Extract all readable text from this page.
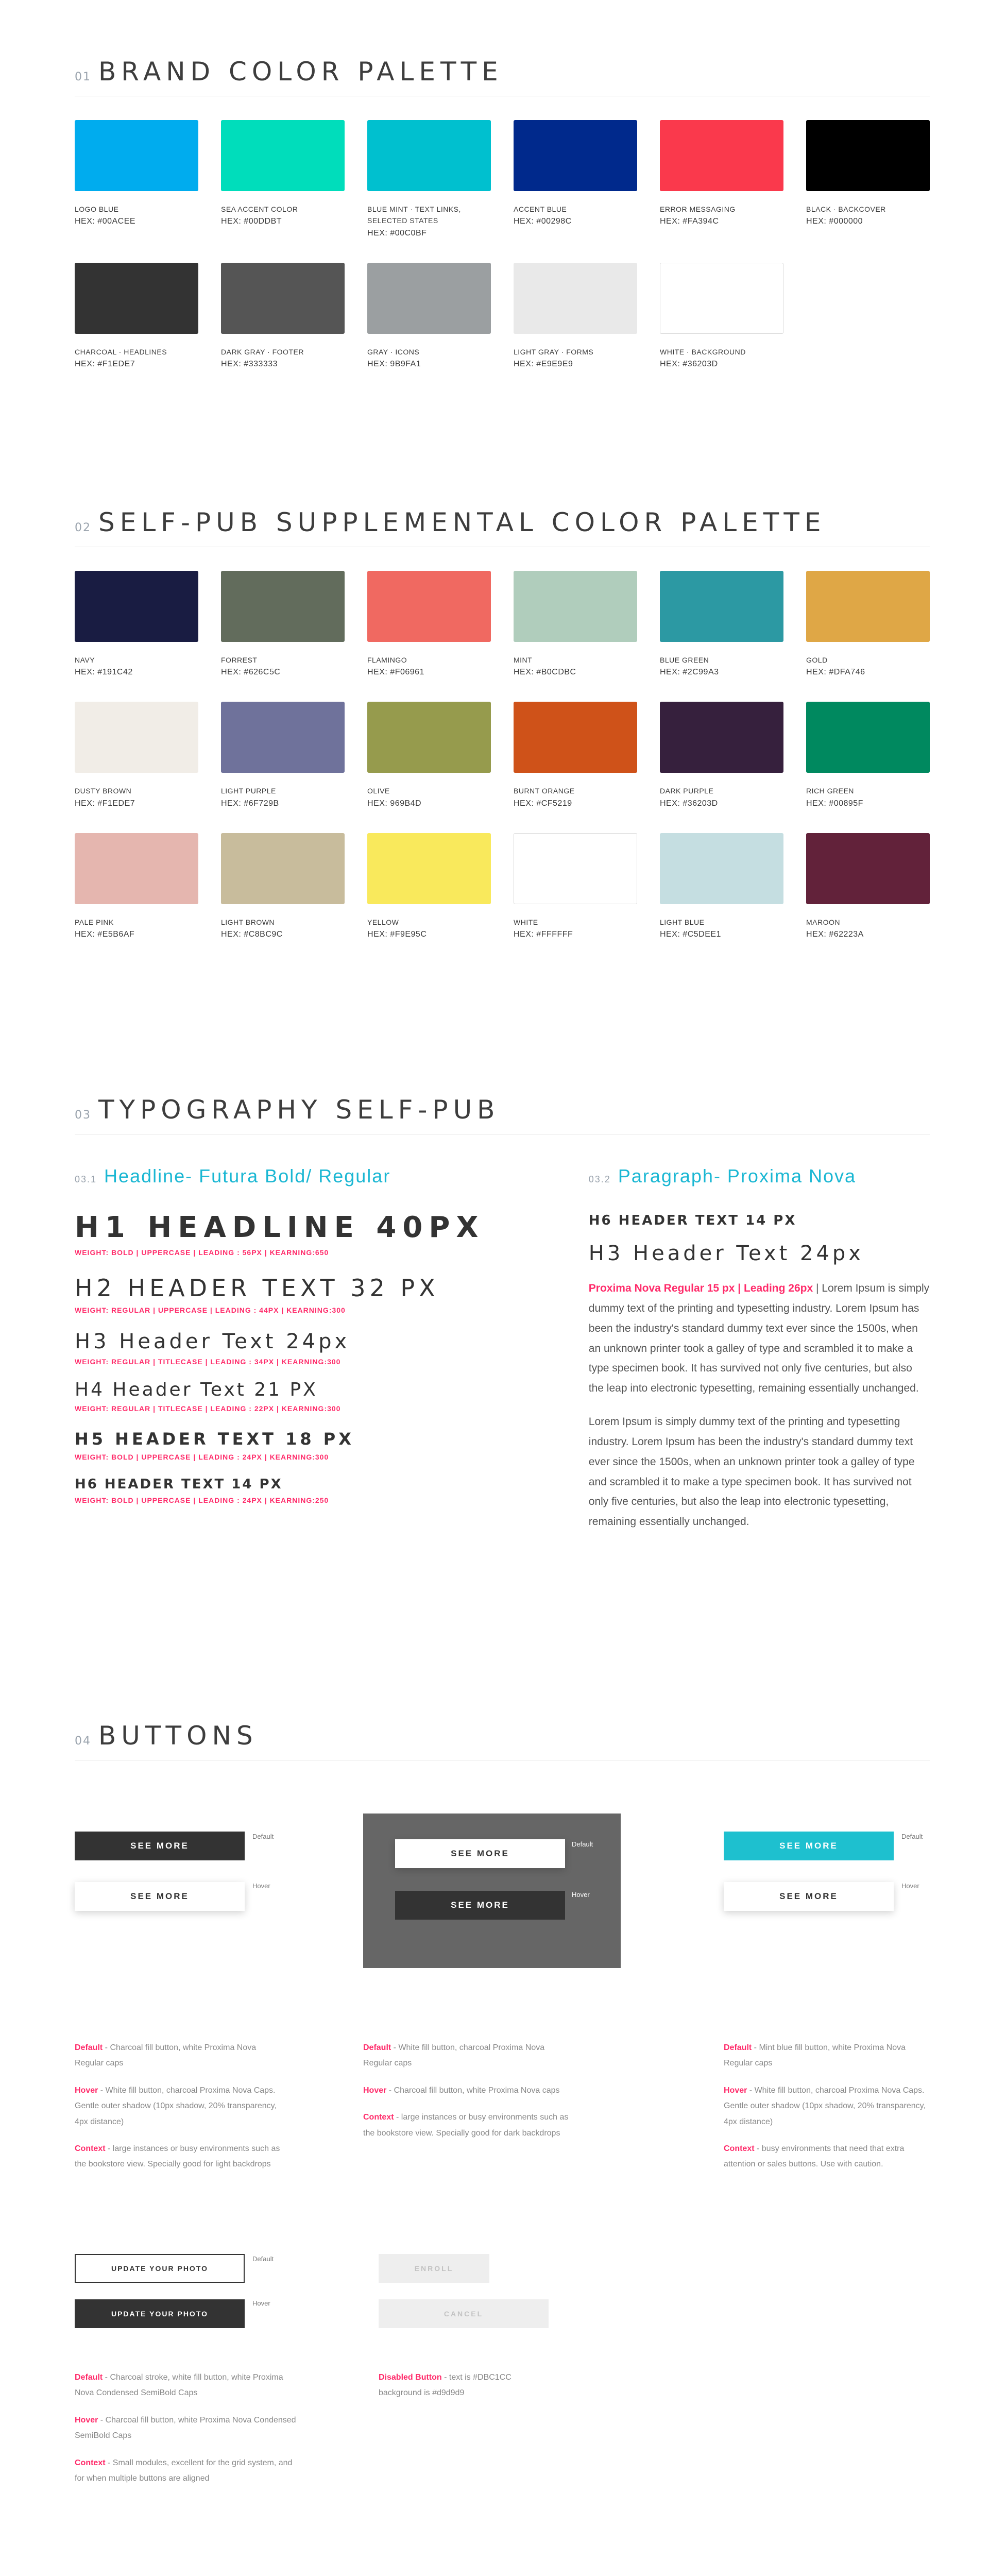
01 BRAND COLOR PALETTE
LOGO BLUE
HEX: #00ACEE
SEA ACCENT COLOR
HEX: #00DDBT
BLUE MINT · TEXT LINKS, SELECTED STATES
HEX: #00C0BF
ACCENT BLUE
HEX: #00298C
ERROR MESSAGING
HEX: #FA394C
BLACK · BACKCOVER
HEX: #000000
CHARCOAL · HEADLINES
HEX: #F1EDE7
DARK GRAY · FOOTER
HEX: #333333
GRAY · ICONS
HEX: 9B9FA1
LIGHT GRAY · FORMS
HEX: #E9E9E9
WHITE · BACKGROUND
HEX: #36203D
02 SELF-PUB SUPPLEMENTAL COLOR PALETTE
NAVY
HEX: #191C42
FORREST
HEX: #626C5C
FLAMINGO
HEX: #F06961
MINT
HEX: #B0CDBC
BLUE GREEN
HEX: #2C99A3
GOLD
HEX: #DFA746
DUSTY BROWN
HEX: #F1EDE7
LIGHT PURPLE
HEX: #6F729B
OLIVE
HEX: 969B4D
BURNT ORANGE
HEX: #CF5219
DARK PURPLE
HEX: #36203D
RICH GREEN
HEX: #00895F
PALE PINK
HEX: #E5B6AF
LIGHT BROWN
HEX: #C8BC9C
YELLOW
HEX: #F9E95C
WHITE
HEX: #FFFFFF
LIGHT BLUE
HEX: #C5DEE1
MAROON
HEX: #62223A
03 TYPOGRAPHY SELF-PUB
03.1 Headline- Futura Bold/ Regular
H1 HEADLINE 40PX
WEIGHT: BOLD | UPPERCASE | LEADING : 56PX | KEARNING:650
H2 HEADER TEXT 32 PX
WEIGHT: REGULAR | UPPERCASE | LEADING : 44PX | KEARNING:300
H3 Header Text 24px
WEIGHT: REGULAR | TITLECASE | LEADING : 34PX | KEARNING:300
H4 Header Text 21 PX
WEIGHT: REGULAR | TITLECASE | LEADING : 22PX | KEARNING:300
H5 HEADER TEXT 18 PX
WEIGHT: BOLD | UPPERCASE | LEADING : 24PX | KEARNING:300
H6 HEADER TEXT 14 PX
WEIGHT: BOLD | UPPERCASE | LEADING : 24PX | KEARNING:250
03.2 Paragraph- Proxima Nova
H6 HEADER TEXT 14 PX
H3 Header Text 24px

Proxima Nova Regular 15 px | Leading 26px | Lorem Ipsum is simply dummy text of the printing and typesetting industry. Lorem Ipsum has been the industry's standard dummy text ever since the 1500s, when an unknown printer took a galley of type and scrambled it to make a type specimen book. It has survived not only five centuries, but also the leap into electronic typesetting, remaining essentially unchanged.

Lorem Ipsum is simply dummy text of the printing and typesetting industry. Lorem Ipsum has been the industry's standard dummy text ever since the 1500s, when an unknown printer took a galley of type and scrambled it to make a type specimen book. It has survived not only five centuries, but also the leap into electronic typesetting, remaining essentially unchanged.

04 BUTTONS
SEE MORE
Default
SEE MORE
Hover

Default - Charcoal fill button, white Proxima Nova Regular caps

Hover - White fill button, charcoal Proxima Nova Caps. Gentle outer shadow (10px shadow, 20% transparency, 4px distance)

Context - large instances or busy environments such as the bookstore view. Specially good for light backdrops

SEE MORE
Default
SEE MORE
Hover

Default - White fill button, charcoal Proxima Nova Regular caps

Hover - Charcoal fill button, white Proxima Nova caps

Context - large instances or busy environments such as the bookstore view. Specially good for dark backdrops

SEE MORE
Default
SEE MORE
Hover

Default - Mint blue fill button, white Proxima Nova Regular caps

Hover - White fill button, charcoal Proxima Nova Caps. Gentle outer shadow (10px shadow, 20% transparency, 4px distance)

Context - busy environments that need that extra attention or sales buttons. Use with caution.

UPDATE YOUR PHOTO
Default
UPDATE YOUR PHOTO
Hover

Default - Charcoal stroke, white fill button, white Proxima Nova Condensed SemiBold Caps

Hover - Charcoal fill button, white Proxima Nova Condensed SemiBold Caps

Context - Small modules, excellent for the grid system, and for when multiple buttons are aligned

ENROLL
CANCEL

Disabled Button - text is #DBC1CC background is #d9d9d9
